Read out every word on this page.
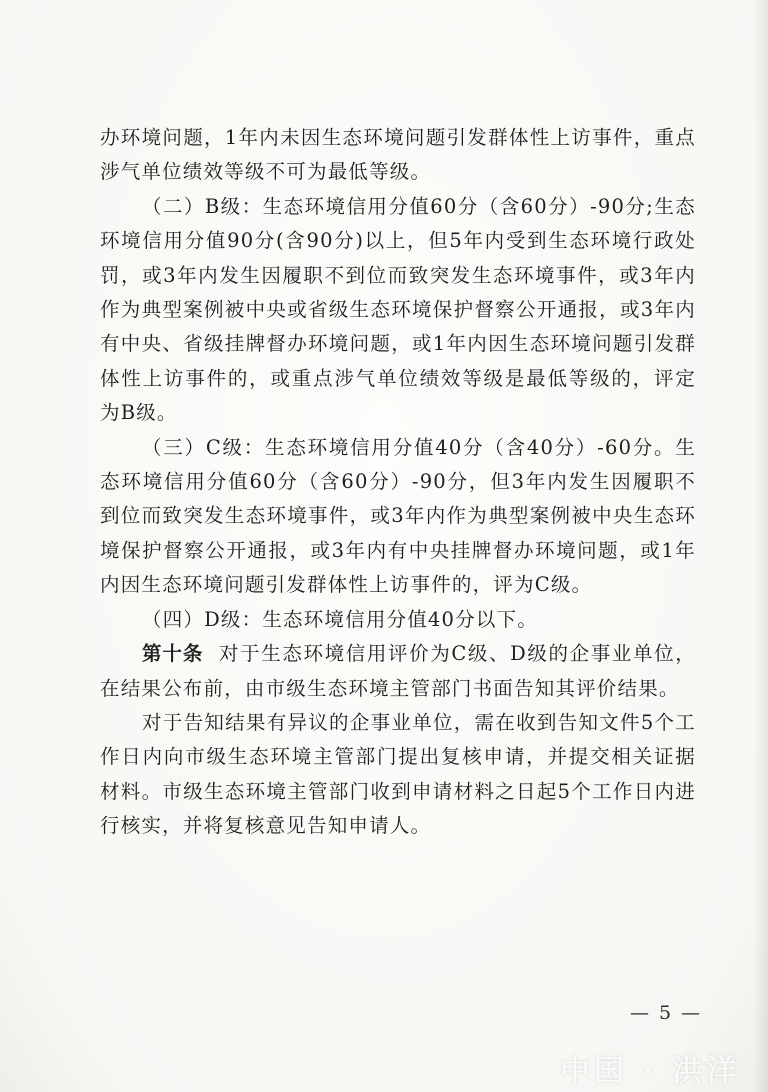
办环境问题，1年内未因生态环境问题引发群体性上访事件，重点涉气单位绩效等级不可为最低等级。

（二）B级：生态环境信用分值60分（含60分）-90分;生态环境信用分值90分(含90分)以上，但5年内受到生态环境行政处罚，或3年内发生因履职不到位而致突发生态环境事件，或3年内作为典型案例被中央或省级生态环境保护督察公开通报，或3年内有中央、省级挂牌督办环境问题，或1年内因生态环境问题引发群体性上访事件的，或重点涉气单位绩效等级是最低等级的，评定为B级。

（三）C级：生态环境信用分值40分（含40分）-60分。生态环境信用分值60分（含60分）-90分，但3年内发生因履职不到位而致突发生态环境事件，或3年内作为典型案例被中央生态环境保护督察公开通报，或3年内有中央挂牌督办环境问题，或1年内因生态环境问题引发群体性上访事件的，评为C级。

（四）D级：生态环境信用分值40分以下。

第十条 对于生态环境信用评价为C级、D级的企事业单位，在结果公布前，由市级生态环境主管部门书面告知其评价结果。

对于告知结果有异议的企事业单位，需在收到告知文件5个工作日内向市级生态环境主管部门提出复核申请，并提交相关证据材料。市级生态环境主管部门收到申请材料之日起5个工作日内进行核实，并将复核意见告知申请人。

— 5 —
中国 · 洪洋
